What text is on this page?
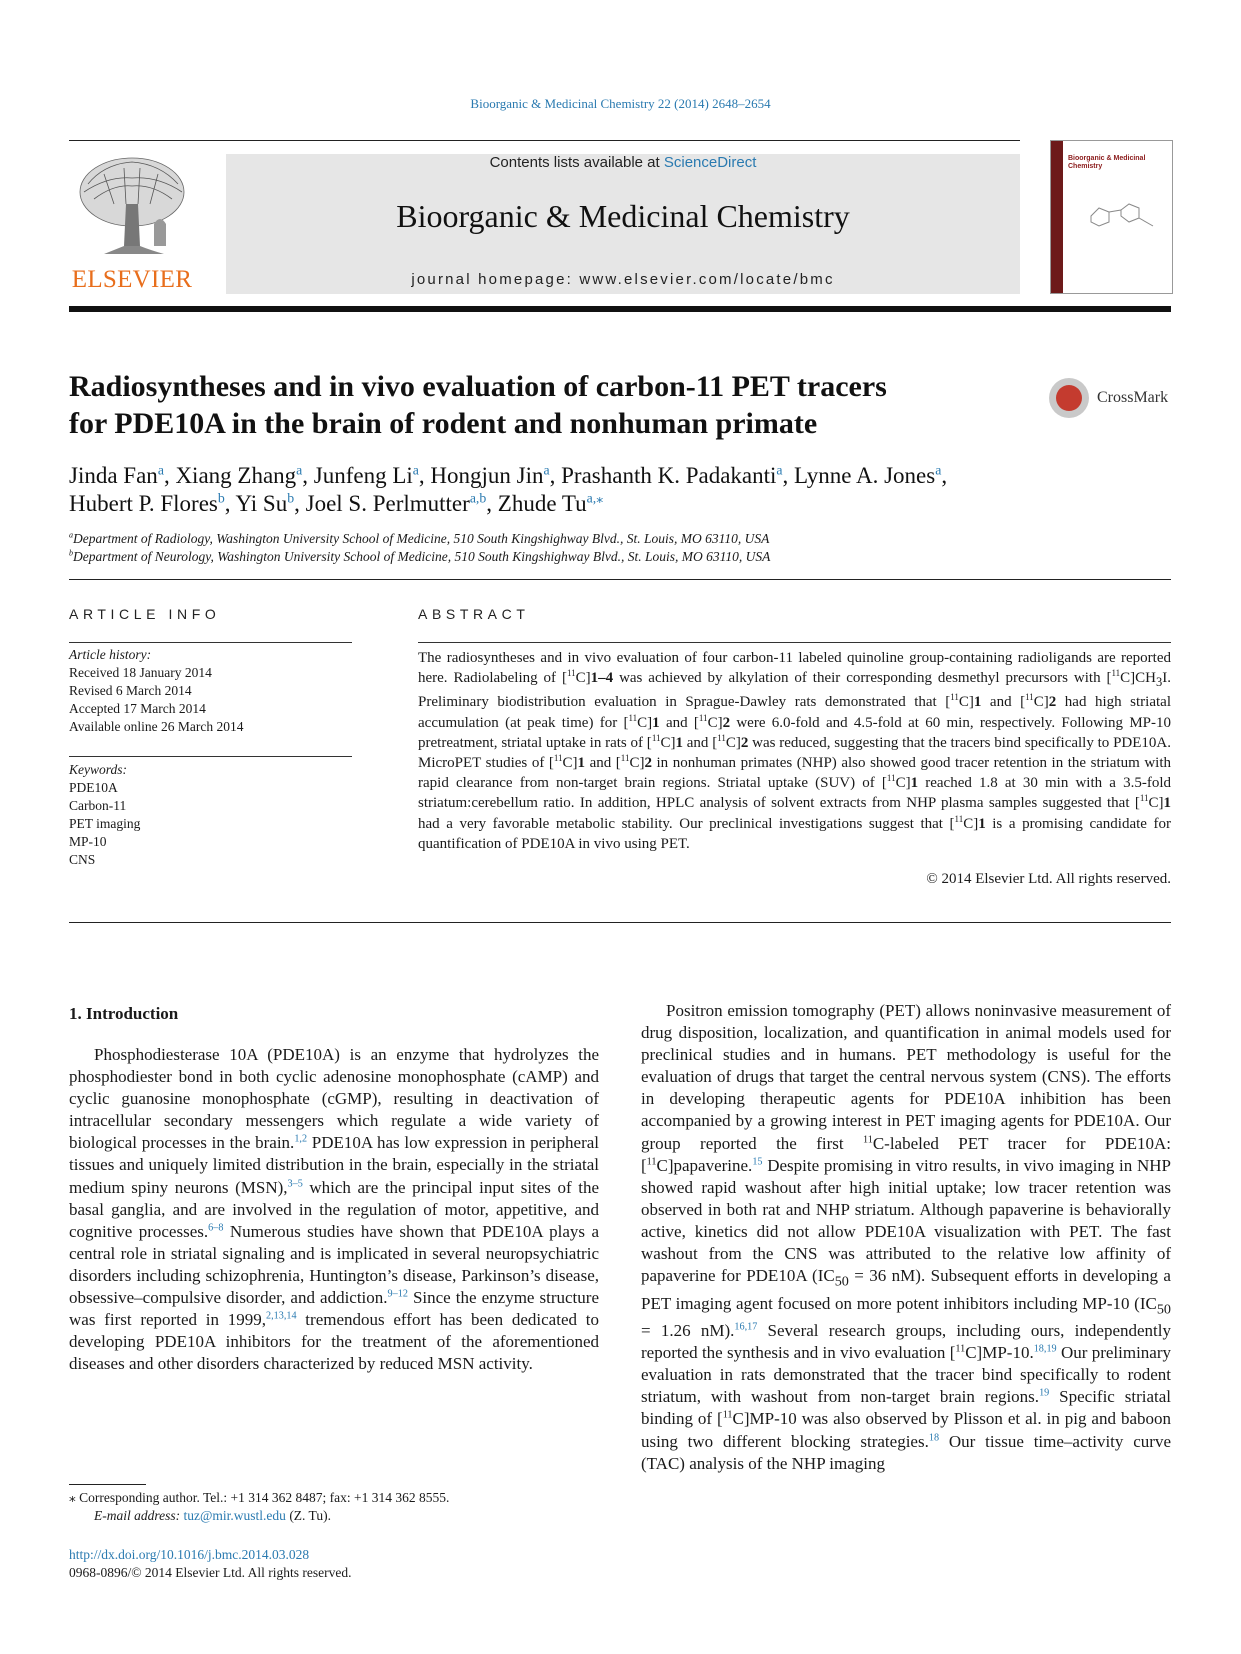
Bioorganic & Medicinal Chemistry 22 (2014) 2648–2654
ELSEVIER
Contents lists available at ScienceDirect
Bioorganic & Medicinal Chemistry
journal homepage: www.elsevier.com/locate/bmc
Bioorganic & Medicinal Chemistry
Radiosyntheses and in vivo evaluation of carbon-11 PET tracers
for PDE10A in the brain of rodent and nonhuman primate
CrossMark
Jinda Fan$^a$, Xiang Zhang$^a$, Junfeng Li$^a$, Hongjun Jin$^a$, Prashanth K. Padakanti$^a$, Lynne A. Jones$^a$,
Hubert P. Flores$^b$, Yi Su$^b$, Joel S. Perlmutter$^{a,b}$, Zhude $Tu^{a,⁎}$
$^a$Department of Radiology, Washington University School of Medicine, 510 South Kingshighway Blvd., St. Louis, MO 63110, USA
$^b$Department of Neurology, Washington University School of Medicine, 510 South Kingshighway Blvd., St. Louis, MO 63110, USA
ARTICLE INFO
Article history:
Received 18 January 2014
Revised 6 March 2014
Accepted 17 March 2014
Available online 26 March 2014
Keywords:
PDE10A
Carbon-11
PET imaging
MP-10
CNS
ABSTRACT
The radiosyntheses and in vivo evaluation of four carbon-11 labeled quinoline group-containing radioligands are reported here. Radiolabeling of [$^{11}$C]1–4 was achieved by alkylation of their corresponding desmethyl precursors with $[^{11}C]CH_3I$. Preliminary biodistribution evaluation in Sprague-Dawley rats demonstrated that [$^{11}$C]1 and [$^{11}$C]2 had high striatal accumulation (at peak time) for [$^{11}$C]1 and [$^{11}$C]2 were 6.0-fold and 4.5-fold at 60 min, respectively. Following MP-10 pretreatment, striatal uptake in rats of [$^{11}$C]1 and [$^{11}$C]2 was reduced, suggesting that the tracers bind specifically to PDE10A. MicroPET studies of [$^{11}$C]1 and [$^{11}$C]2 in nonhuman primates (NHP) also showed good tracer retention in the striatum with rapid clearance from non-target brain regions. Striatal uptake (SUV) of [$^{11}$C]1 reached 1.8 at 30 min with a 3.5-fold striatum:cerebellum ratio. In addition, HPLC analysis of solvent extracts from NHP plasma samples suggested that [$^{11}$C]1 had a very favorable metabolic stability. Our preclinical investigations suggest that [$^{11}$C]1 is a promising candidate for quantification of PDE10A in vivo using PET.
© 2014 Elsevier Ltd. All rights reserved.
1. Introduction

Phosphodiesterase 10A (PDE10A) is an enzyme that hydrolyzes the phosphodiester bond in both cyclic adenosine monophosphate (cAMP) and cyclic guanosine monophosphate (cGMP), resulting in deactivation of intracellular secondary messengers which regulate a wide variety of biological processes in the brain.$^{1,2}$ PDE10A has low expression in peripheral tissues and uniquely limited distribution in the brain, especially in the striatal medium spiny neurons (MSN),$^{3-5}$ which are the principal input sites of the basal ganglia, and are involved in the regulation of motor, appetitive, and cognitive processes.$^{6-8}$ Numerous studies have shown that PDE10A plays a central role in striatal signaling and is implicated in several neuropsychiatric disorders including schizophrenia, Huntington’s disease, Parkinson’s disease, obsessive–compulsive disorder, and addiction.$^{9-12}$ Since the enzyme structure was first reported in 1999,$^{2,13,14}$ tremendous effort has been dedicated to developing PDE10A inhibitors for the treatment of the aforementioned diseases and other disorders characterized by reduced MSN activity.

Positron emission tomography (PET) allows noninvasive measurement of drug disposition, localization, and quantification in animal models used for preclinical studies and in humans. PET methodology is useful for the evaluation of drugs that target the central nervous system (CNS). The efforts in developing therapeutic agents for PDE10A inhibition has been accompanied by a growing interest in PET imaging agents for PDE10A. Our group reported the first $^{11}$C-labeled PET tracer for PDE10A: [$^{11}$C]papaverine.$^{15}$ Despite promising in vitro results, in vivo imaging in NHP showed rapid washout after high initial uptake; low tracer retention was observed in both rat and NHP striatum. Although papaverine is behaviorally active, kinetics did not allow PDE10A visualization with PET. The fast washout from the CNS was attributed to the relative low affinity of papaverine for PDE10A ($IC_{50} = 36$ nM). Subsequent efforts in developing a PET imaging agent focused on more potent inhibitors including MP-10 ($IC_{50} = 1.26$ nM).$^{16,17}$ Several research groups, including ours, independently reported the synthesis and in vivo evaluation [$^{11}$C]MP-10.$^{18,19}$ Our preliminary evaluation in rats demonstrated that the tracer bind specifically to rodent striatum, with washout from non-target brain regions.$^{19}$ Specific striatal binding of [$^{11}$C]MP-10 was also observed by Plisson et al. in pig and baboon using two different blocking strategies.$^{18}$ Our tissue time–activity curve (TAC) analysis of the NHP imaging

⁎ Corresponding author. Tel.: +1 314 362 8487; fax: +1 314 362 8555.
E-mail address: tuz@mir.wustl.edu (Z. Tu).
http://dx.doi.org/10.1016/j.bmc.2014.03.028
0968-0896/© 2014 Elsevier Ltd. All rights reserved.
